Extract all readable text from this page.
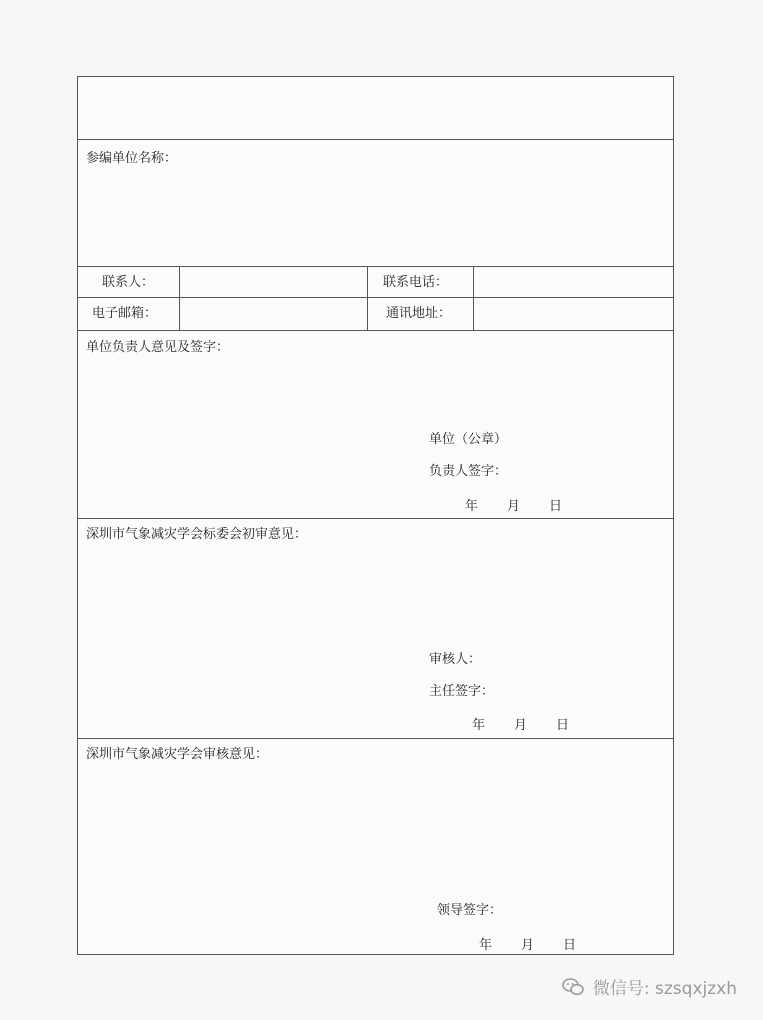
参编单位名称：
联系人：	联系电话：
电子邮箱：	通讯地址：
单位负责人意见及签字：
单位（公章）
负责人签字：
年 月 日
深圳市气象减灾学会标委会初审意见：
审核人：
主任签字：
年 月 日
深圳市气象减灾学会审核意见：
领导签字：
年 月 日
微信号: szsqxjzxh
